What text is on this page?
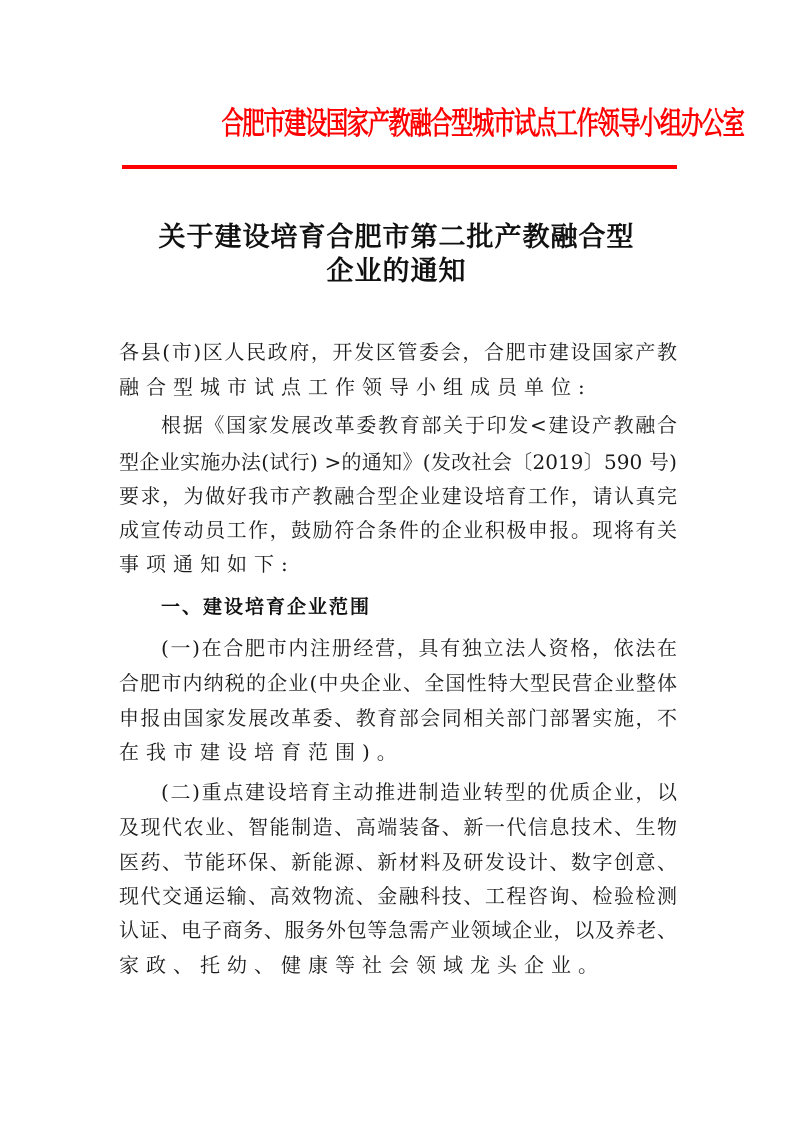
合肥市建设国家产教融合型城市试点工作领导小组办公室
关于建设培育合肥市第二批产教融合型
企业的通知
各县(市)区人民政府，开发区管委会，合肥市建设国家产教
融合型城市试点工作领导小组成员单位:
根据《国家发展改革委教育部关于印发<建设产教融合
型企业实施办法(试行) >的通知》(发改社会〔2019〕590 号)
要求，为做好我市产教融合型企业建设培育工作，请认真完
成宣传动员工作，鼓励符合条件的企业积极申报。现将有关
事项通知如下:
一、建设培育企业范围
(一)在合肥市内注册经营，具有独立法人资格，依法在
合肥市内纳税的企业(中央企业、全国性特大型民营企业整体
申报由国家发展改革委、教育部会同相关部门部署实施，不
在我市建设培育范围)。
(二)重点建设培育主动推进制造业转型的优质企业，以
及现代农业、智能制造、高端装备、新一代信息技术、生物
医药、节能环保、新能源、新材料及研发设计、数字创意、
现代交通运输、高效物流、金融科技、工程咨询、检验检测
认证、电子商务、服务外包等急需产业领域企业，以及养老、
家政、托幼、健康等社会领域龙头企业。
